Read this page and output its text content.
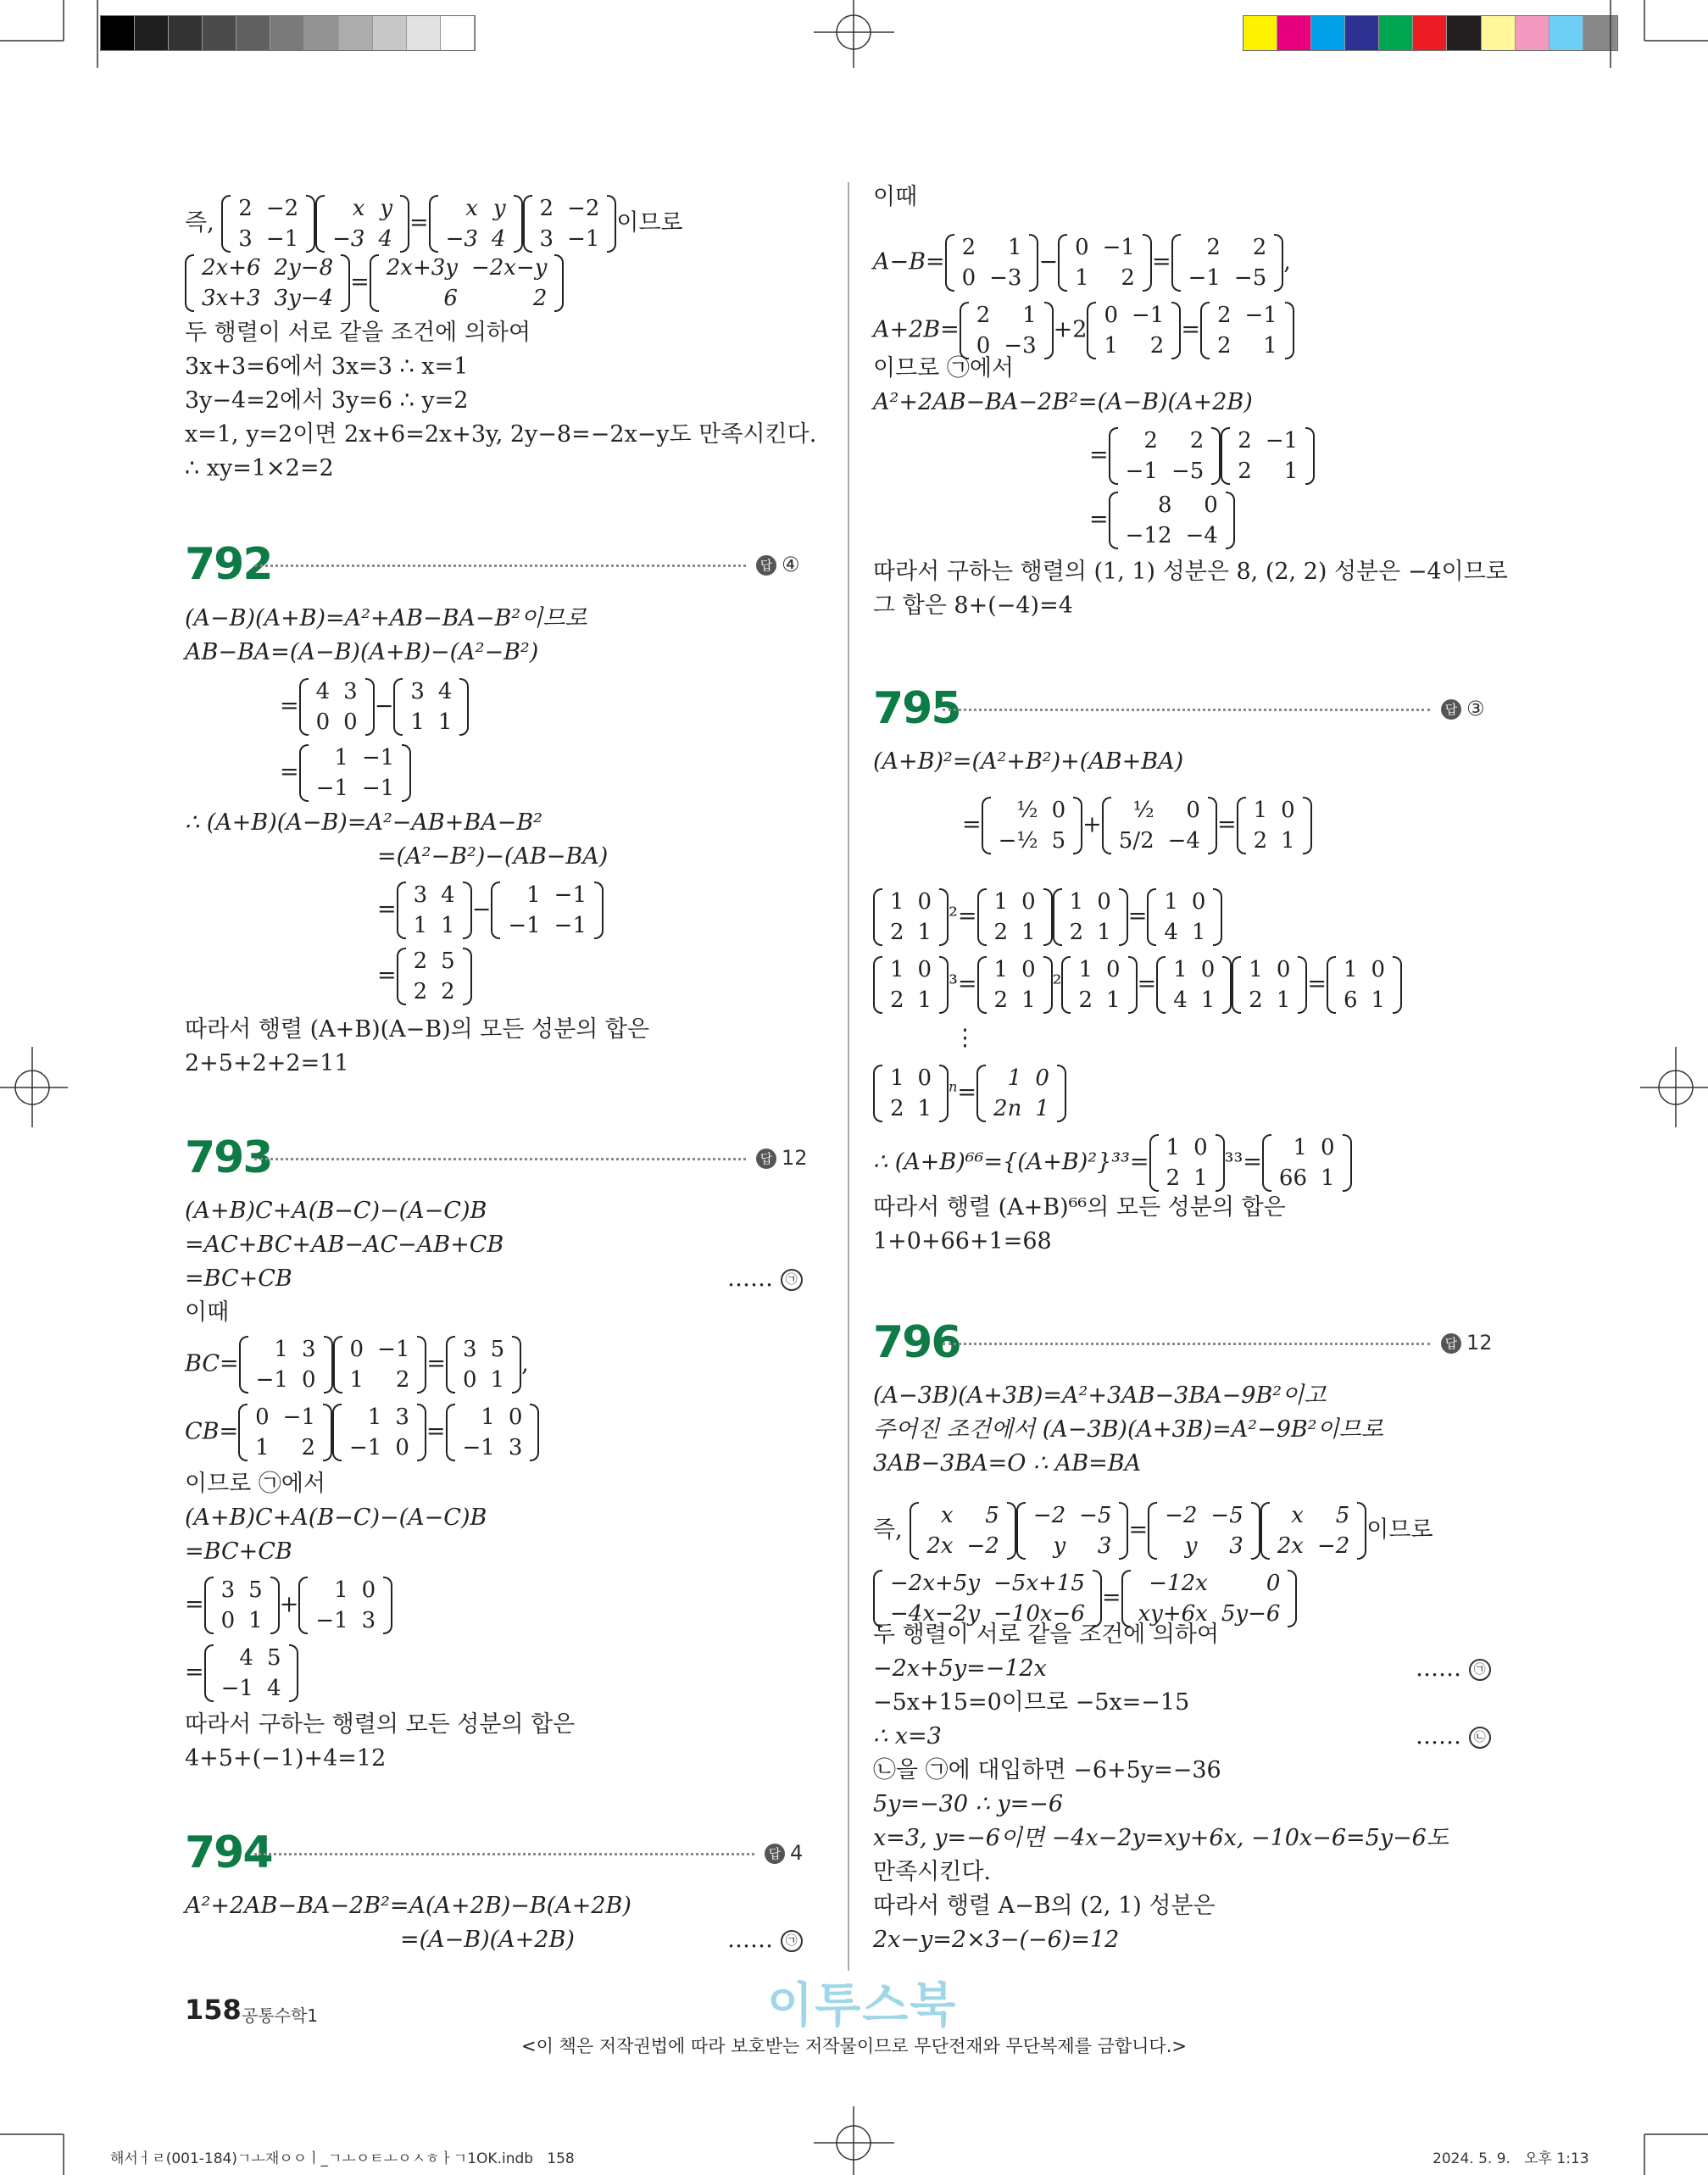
즉,
2	−2
3	−1
x	y
−3	4
=
x	y
−3	4
2	−2
3	−1
이므로
2x+6	2y−8
3x+3	3y−4
=
2x+3y	−2x−y
6	2
두 행렬이 서로 같을 조건에 의하여
3x+3=6에서 3x=3 ∴ x=1
3y−4=2에서 3y=6 ∴ y=2
x=1, y=2이면 2x+6=2x+3y, 2y−8=−2x−y도 만족시킨다.
∴ xy=1×2=2
792	답 ④
(A−B)(A+B)=A²+AB−BA−B²이므로
AB−BA=(A−B)(A+B)−(A²−B²)
=
4	3
0	0
−
3	4
1	1
=
1	−1
−1	−1
∴ (A+B)(A−B)=A²−AB+BA−B²
=(A²−B²)−(AB−BA)
=
3	4
1	1
−
1	−1
−1	−1
=
2	5
2	2
따라서 행렬 (A+B)(A−B)의 모든 성분의 합은
2+5+2+2=11
793	답 12
(A+B)C+A(B−C)−(A−C)B
=AC+BC+AB−AC−AB+CB
=BC+CB	…… ㉠
이때
BC=
1	3
−1	0
0	−1
1	2
=
3	5
0	1
,
CB=
0	−1
1	2
1	3
−1	0
=
1	0
−1	3
이므로 ㉠에서
(A+B)C+A(B−C)−(A−C)B
=BC+CB
=
3	5
0	1
+
1	0
−1	3
=
4	5
−1	4
따라서 구하는 행렬의 모든 성분의 합은
4+5+(−1)+4=12
794	답 4
A²+2AB−BA−2B²=A(A+2B)−B(A+2B)
=(A−B)(A+2B)	…… ㉠
158 공통수학1
이때
A−B=
2	1
0	−3
−
0	−1
1	2
=
2	2
−1	−5
,
A+2B=
2	1
0	−3
+2
0	−1
1	2
=
2	−1
2	1
이므로 ㉠에서
A²+2AB−BA−2B²=(A−B)(A+2B)
=
2	2
−1	−5
2	−1
2	1
=
8	0
−12	−4
따라서 구하는 행렬의 (1, 1) 성분은 8, (2, 2) 성분은 −4이므로
그 합은 8+(−4)=4
795	답 ③
(A+B)²=(A²+B²)+(AB+BA)
=
½	0
−½	5
+
½	0
5/2	−4
=
1	0
2	1
1	0
2	1
²=
1	0
2	1
1	0
2	1
=
1	0
4	1
1	0
2	1
³=
1	0
2	1
²
1	0
2	1
=
1	0
4	1
1	0
2	1
=
1	0
6	1
⋮
1	0
2	1
$^n$=
1	0
2n	1
∴ (A+B)⁶⁶={(A+B)²}³³=
1	0
2	1
³³=
1	0
66	1
따라서 행렬 (A+B)⁶⁶의 모든 성분의 합은
1+0+66+1=68
796	답 12
(A−3B)(A+3B)=A²+3AB−3BA−9B²이고
주어진 조건에서 (A−3B)(A+3B)=A²−9B²이므로
3AB−3BA=O ∴ AB=BA
즉,
x	5
2x	−2
−2	−5
y	3
=
−2	−5
y	3
x	5
2x	−2
이므로
−2x+5y	−5x+15
−4x−2y	−10x−6
=
−12x	0
xy+6x	5y−6
두 행렬이 서로 같을 조건에 의하여
−2x+5y=−12x	…… ㉠
−5x+15=0이므로 −5x=−15
∴ x=3	…… ㉡
㉡을 ㉠에 대입하면 −6+5y=−36
5y=−30 ∴ y=−6
x=3, y=−6이면 −4x−2y=xy+6x, −10x−6=5y−6도
만족시킨다.
따라서 행렬 A−B의 (2, 1) 성분은
2x−y=2×3−(−6)=12
이투스북
<이 책은 저작권법에 따라 보호받는 저작물이므로 무단전재와 무단복제를 금합니다.>
해서ㅓㄹ(001-184)ㄱㅗ재ㅇㅇㅣ_ㄱㅗㅇㅌㅗㅇㅅㅎㅏㄱ1OK.indb   158	2024. 5. 9.   오후 1:13
